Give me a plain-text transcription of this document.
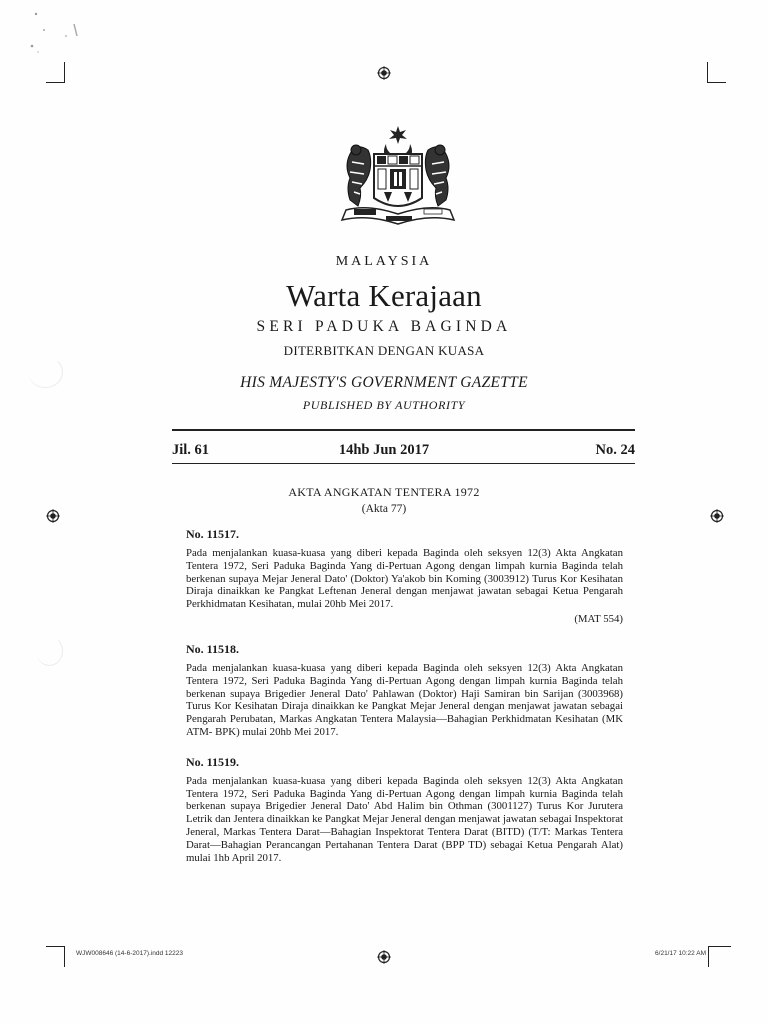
MALAYSIA
Warta Kerajaan
SERI PADUKA BAGINDA
DITERBITKAN DENGAN KUASA
HIS MAJESTY'S GOVERNMENT GAZETTE
PUBLISHED BY AUTHORITY
14hb Jun 2017
Jil. 61	No. 24
AKTA ANGKATAN TENTERA 1972
(Akta 77)
No. 11517.
Pada menjalankan kuasa-kuasa yang diberi kepada Baginda oleh seksyen 12(3) Akta Angkatan Tentera 1972, Seri Paduka Baginda Yang di-Pertuan Agong dengan limpah kurnia Baginda telah berkenan supaya Mejar Jeneral Dato' (Doktor) Ya'akob bin Koming (3003912) Turus Kor Kesihatan Diraja dinaikkan ke Pangkat Leftenan Jeneral dengan menjawat jawatan sebagai Ketua Pengarah Perkhidmatan Kesihatan, mulai 20hb Mei 2017.
(MAT 554)
No. 11518.
Pada menjalankan kuasa-kuasa yang diberi kepada Baginda oleh seksyen 12(3) Akta Angkatan Tentera 1972, Seri Paduka Baginda Yang di-Pertuan Agong dengan limpah kurnia Baginda telah berkenan supaya Brigedier Jeneral Dato' Pahlawan (Doktor) Haji Samiran bin Sarijan (3003968) Turus Kor Kesihatan Diraja dinaikkan ke Pangkat Mejar Jeneral dengan menjawat jawatan sebagai Pengarah Perubatan, Markas Angkatan Tentera Malaysia—Bahagian Perkhidmatan Kesihatan (MK ATM- BPK) mulai 20hb Mei 2017.
No. 11519.
Pada menjalankan kuasa-kuasa yang diberi kepada Baginda oleh seksyen 12(3) Akta Angkatan Tentera 1972, Seri Paduka Baginda Yang di-Pertuan Agong dengan limpah kurnia Baginda telah berkenan supaya Brigedier Jeneral Dato' Abd Halim bin Othman (3001127) Turus Kor Jurutera Letrik dan Jentera dinaikkan ke Pangkat Mejar Jeneral dengan menjawat jawatan sebagai Inspektorat Jeneral, Markas Tentera Darat—Bahagian Inspektorat Tentera Darat (BITD) (T/T: Markas Tentera Darat—Bahagian Perancangan Pertahanan Tentera Darat (BPP TD) sebagai Ketua Pengarah Alat) mulai 1hb April 2017.
WJW008646 (14-6-2017).indd 12223	6/21/17 10:22 AM
